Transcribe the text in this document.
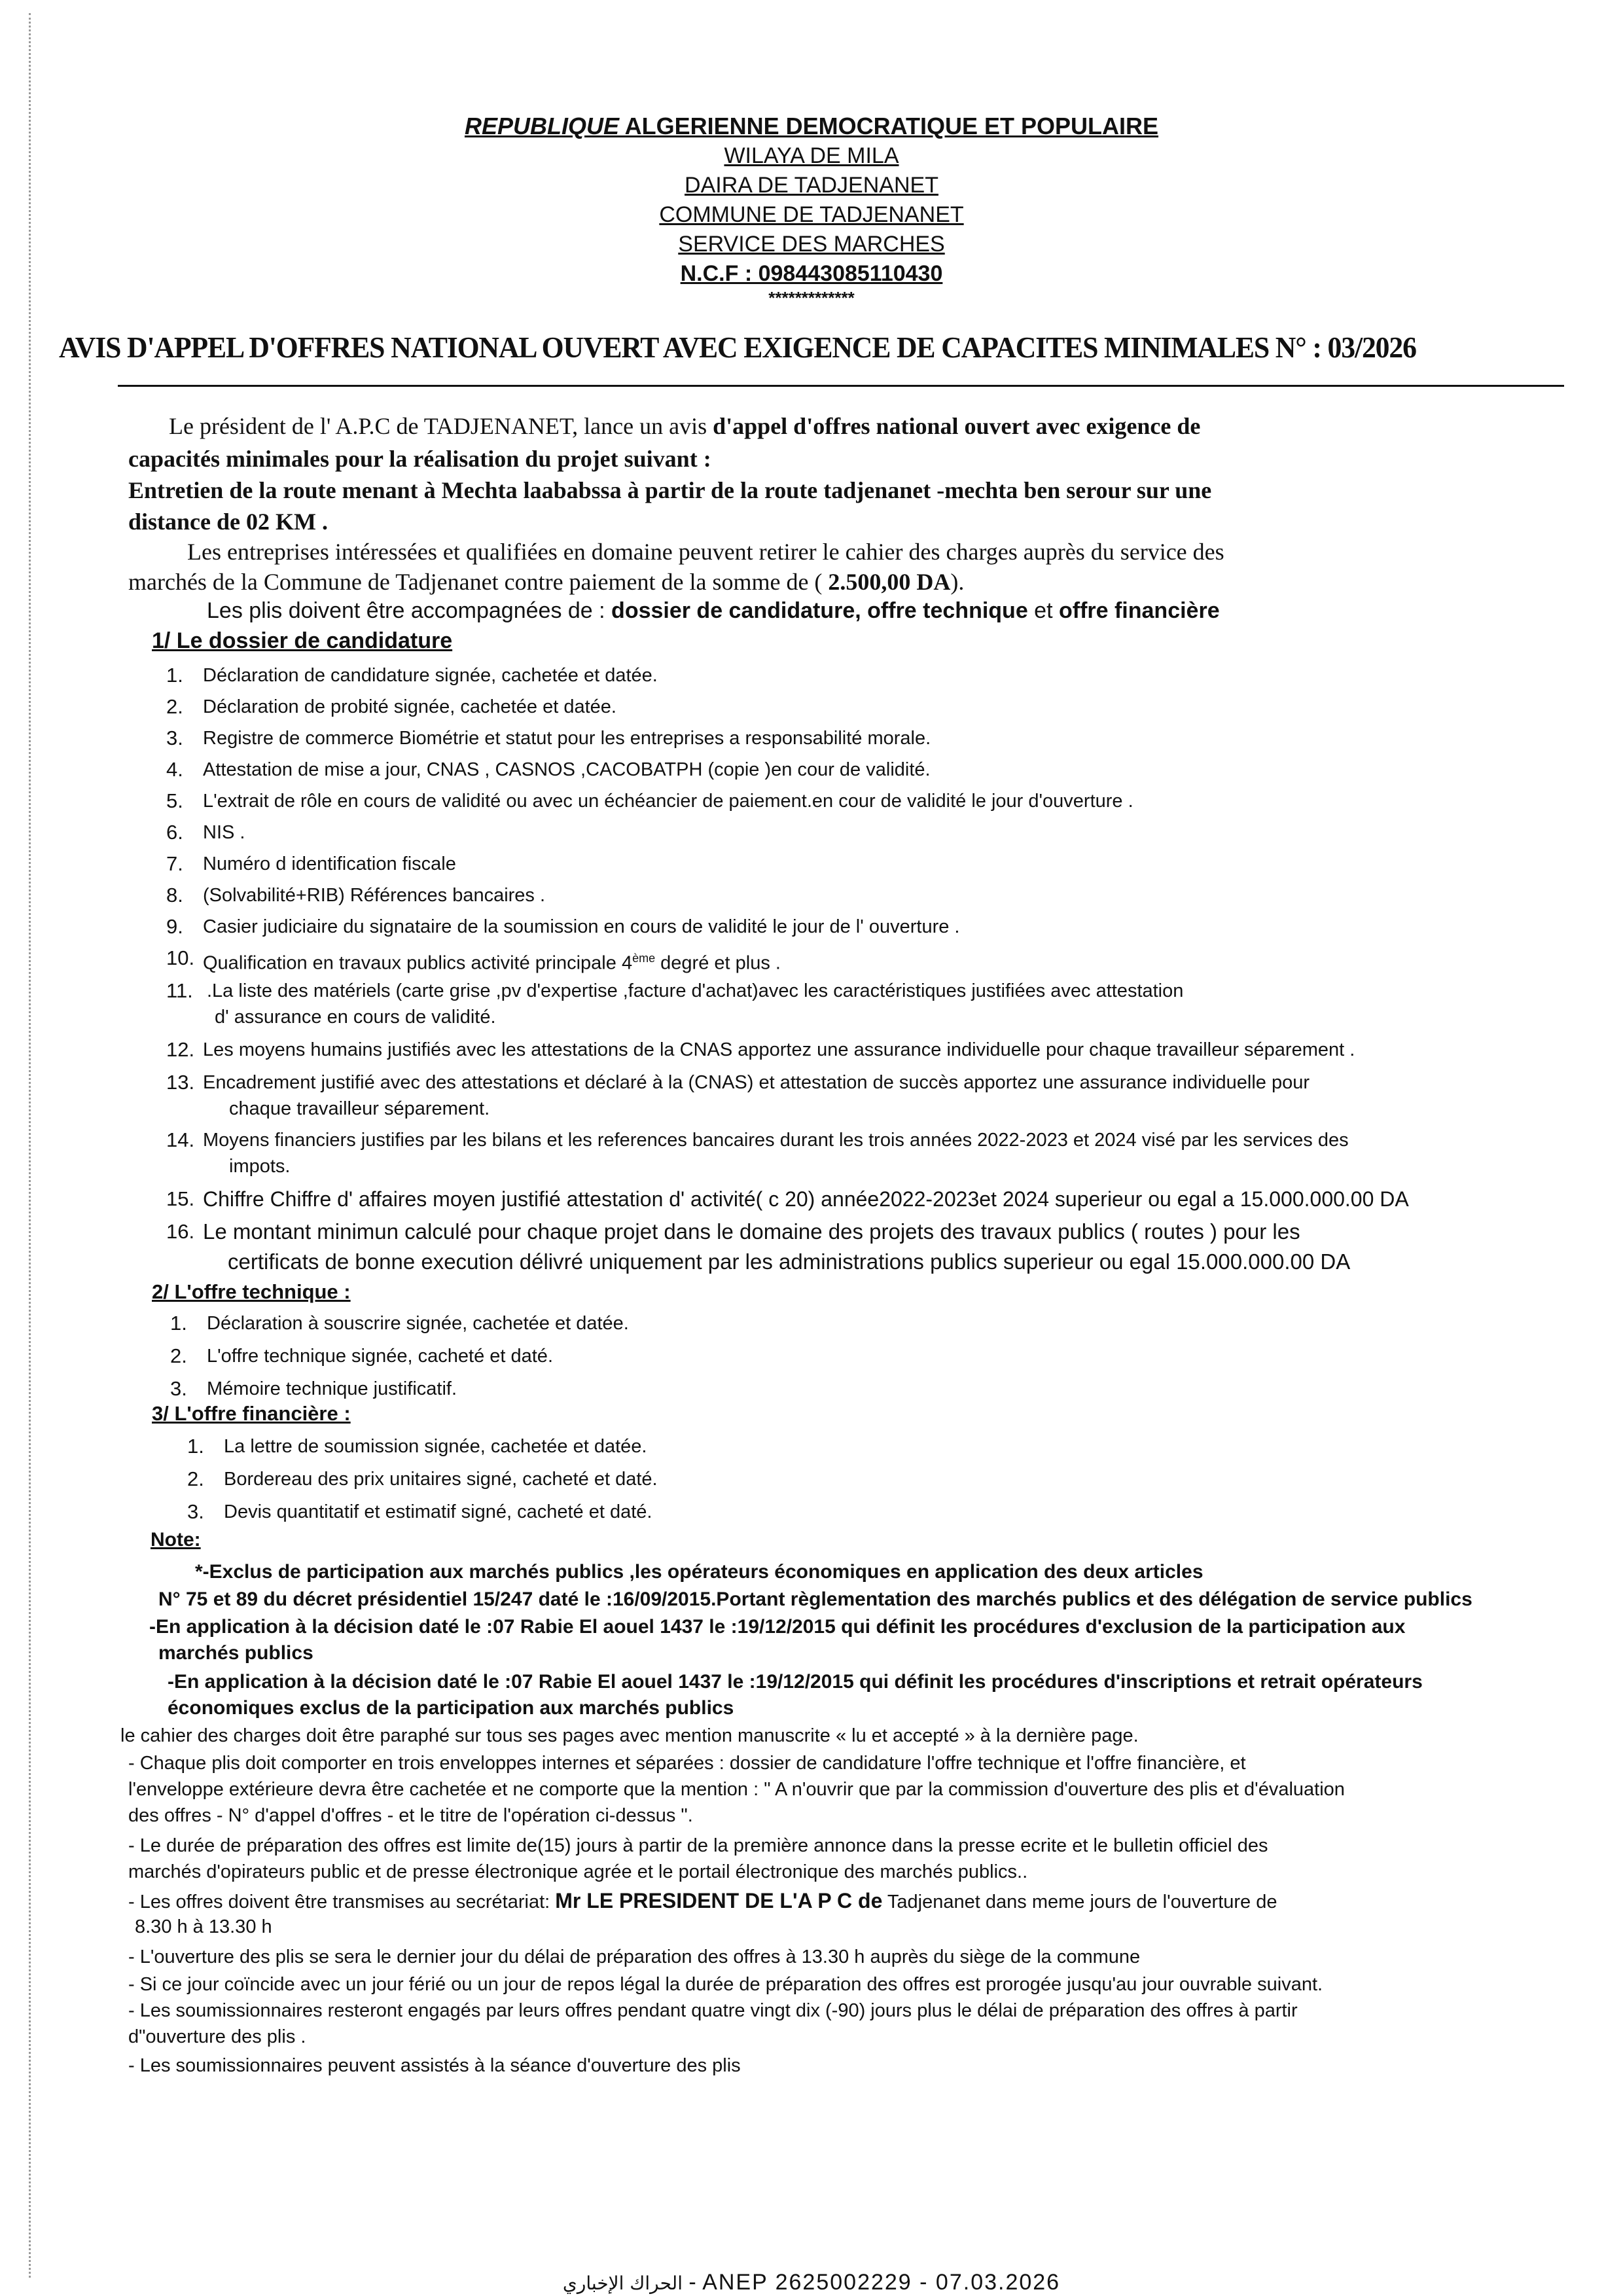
REPUBLIQUE ALGERIENNE DEMOCRATIQUE ET POPULAIRE
WILAYA DE MILA
DAIRA DE TADJENANET
COMMUNE DE TADJENANET
SERVICE DES MARCHES
N.C.F : 098443085110430
*************
AVIS D'APPEL D'OFFRES NATIONAL OUVERT AVEC EXIGENCE DE CAPACITES MINIMALES N° : 03/2026
Le président de l' A.P.C de TADJENANET, lance un avis d'appel d'offres national ouvert avec exigence de
capacités minimales pour la réalisation du projet suivant :
Entretien de la route menant à Mechta laababssa à partir de la route tadjenanet -mechta ben serour sur une
distance de 02 KM .
Les entreprises intéressées et qualifiées en domaine peuvent retirer le cahier des charges auprès du service des
marchés de la Commune de Tadjenanet contre paiement de la somme de ( 2.500,00 DA).
Les plis doivent être accompagnées de : dossier de candidature, offre technique et offre financière
1/ Le dossier de candidature
1. Déclaration de candidature signée, cachetée et datée.
2. Déclaration de probité signée, cachetée et datée.
3. Registre de commerce Biométrie et statut pour les entreprises a responsabilité morale.
4. Attestation de mise a jour, CNAS , CASNOS ,CACOBATPH (copie )en cour de validité.
5. L'extrait de rôle en cours de validité ou avec un échéancier de paiement.en cour de validité le jour d'ouverture .
6. NIS .
7. Numéro d identification fiscale
8. (Solvabilité+RIB) Références bancaires .
9. Casier judiciaire du signataire de la soumission en cours de validité le jour de l' ouverture .
10. Qualification en travaux publics activité principale 4ème degré et plus .
11. .La liste des matériels (carte grise ,pv d'expertise ,facture d'achat)avec les caractéristiques justifiées avec attestation
d' assurance en cours de validité.
12. Les moyens humains justifiés avec les attestations de la CNAS apportez une assurance individuelle pour chaque travailleur séparement .
13. Encadrement justifié avec des attestations et déclaré à la (CNAS) et attestation de succès apportez une assurance individuelle pour
chaque travailleur séparement.
14. Moyens financiers justifies par les bilans et les references bancaires durant les trois années 2022-2023 et 2024 visé par les services des
impots.
15. Chiffre Chiffre d' affaires moyen justifié attestation d' activité( c 20) année2022-2023et 2024 superieur ou egal a 15.000.000.00 DA
16. Le montant minimun calculé pour chaque projet dans le domaine des projets des travaux publics ( routes ) pour les
certificats de bonne execution délivré uniquement par les administrations publics superieur ou egal 15.000.000.00 DA
2/ L'offre technique :
1. Déclaration à souscrire signée, cachetée et datée.
2. L'offre technique signée, cacheté et daté.
3. Mémoire technique justificatif.
3/ L'offre financière :
1. La lettre de soumission signée, cachetée et datée.
2. Bordereau des prix unitaires signé, cacheté et daté.
3. Devis quantitatif et estimatif signé, cacheté et daté.
Note:
*-Exclus de participation aux marchés publics ,les opérateurs économiques en application des deux articles
N° 75 et 89 du décret présidentiel 15/247 daté le :16/09/2015.Portant règlementation des marchés publics et des délégation de service publics
-En application à la décision daté le :07 Rabie El aouel 1437 le :19/12/2015 qui définit les procédures d'exclusion de la participation aux
marchés publics
-En application à la décision daté le :07 Rabie El aouel 1437 le :19/12/2015 qui définit les procédures d'inscriptions et retrait opérateurs
économiques exclus de la participation aux marchés publics
le cahier des charges doit être paraphé sur tous ses pages avec mention manuscrite « lu et accepté » à la dernière page.
- Chaque plis doit comporter en trois enveloppes internes et séparées : dossier de candidature l'offre technique et l'offre financière, et
l'enveloppe extérieure devra être cachetée et ne comporte que la mention : " A n'ouvrir que par la commission d'ouverture des plis et d'évaluation
des offres - N° d'appel d'offres - et le titre de l'opération ci-dessus ".
- Le durée de préparation des offres est limite de(15) jours à partir de la première annonce dans la presse ecrite et le bulletin officiel des
marchés d'opirateurs public et de presse électronique agrée et le portail électronique des marchés publics..
- Les offres doivent être transmises au secrétariat: Mr LE PRESIDENT DE L'A P C de Tadjenanet dans meme jours de l'ouverture de
8.30 h à 13.30 h
- L'ouverture des plis se sera le dernier jour du délai de préparation des offres à 13.30 h auprès du siège de la commune
- Si ce jour coïncide avec un jour férié ou un jour de repos légal la durée de préparation des offres est prorogée jusqu'au jour ouvrable suivant.
- Les soumissionnaires resteront engagés par leurs offres pendant quatre vingt dix (-90) jours plus le délai de préparation des offres à partir
d"ouverture des plis .
- Les soumissionnaires peuvent assistés à la séance d'ouverture des plis
الحراك الإخباري - ANEP 2625002229 - 07.03.2026
